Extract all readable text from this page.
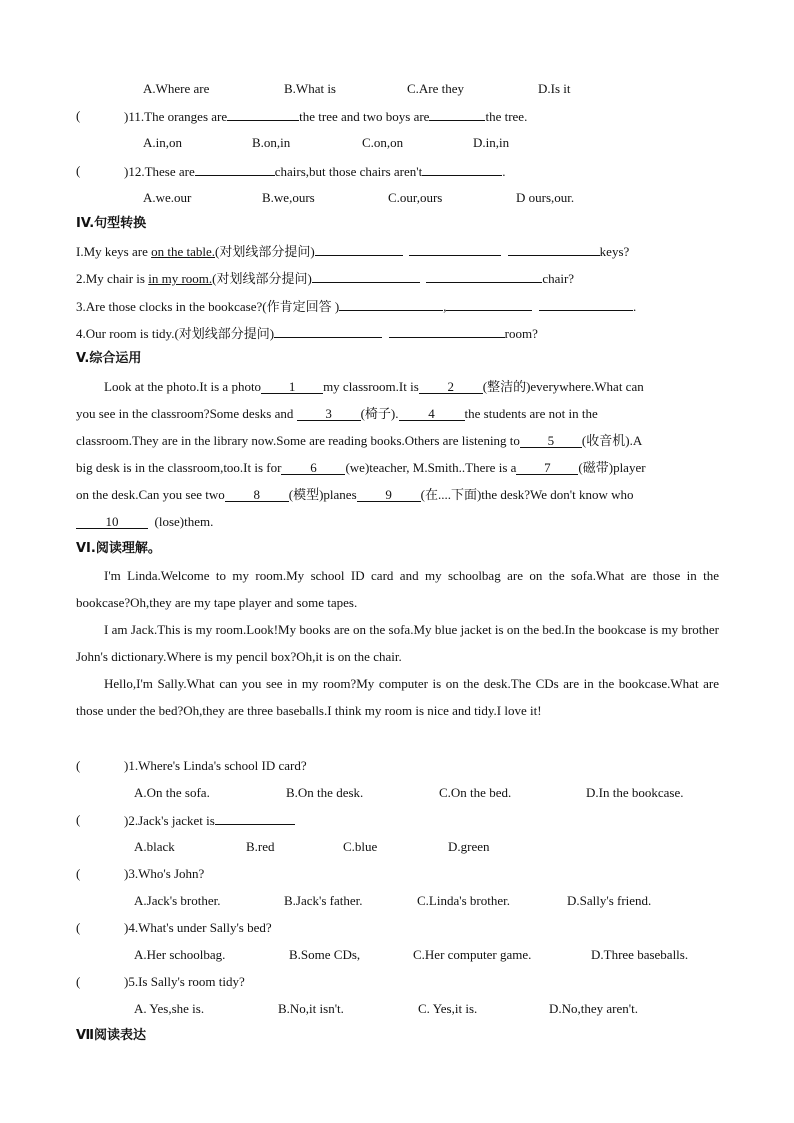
A.Where are	B.What is	C.Are they	D.Is it
(	)11.The oranges are	the tree and two boys are	the tree.
A.in,on	B.on,in	C.on,on	D.in,in
(	)12.These are	chairs,but those chairs aren't	.
A.we.our	B.we,ours	C.our,ours	D ours,our.
IV.句型转换
I.My keys are on the table.(对划线部分提问)	keys?
2.My chair is in my room.(对划线部分提问)	chair?
3.Are those clocks in the bookcase?(作肯定回答 )	,	.
4.Our room is tidy.(对划线部分提问)	room?
V.综合运用
Look at the photo.It is a photo 1 my classroom.It is 2 (整洁的)everywhere.What can
you see in the classroom?Some desks and 3 (椅子). 4 the students are not in the
classroom.They are in the library now.Some are reading books.Others are listening to 5 (收音机).A
big desk is in the classroom,too.It is for 6 (we)teacher, M.Smith..There is a 7 (磁带)player
on the desk.Can you see two 8 (模型)planes 9 (在....下面)the desk?We don't know who
10	(lose)them.
VI.阅读理解。

I'm Linda.Welcome to my room.My school ID card and my schoolbag are on the sofa.What are those in the bookcase?Oh,they are my tape player and some tapes.

I am Jack.This is my room.Look!My books are on the sofa.My blue jacket is on the bed.In the bookcase is my brother John's dictionary.Where is my pencil box?Oh,it is on the chair.

Hello,I'm Sally.What can you see in my room?My computer is on the desk.The CDs are in the bookcase.What are those under the bed?Oh,they are three baseballs.I think my room is nice and tidy.I love it!

(	)1.Where's Linda's school ID card?
A.On the sofa.	B.On the desk.	C.On the bed.	D.In the bookcase.
(	)2.Jack's jacket is
A.black	B.red	C.blue	D.green
(	)3.Who's John?
A.Jack's brother.	B.Jack's father.	C.Linda's brother.	D.Sally's friend.
(	)4.What's under Sally's bed?
A.Her schoolbag.	B.Some CDs,	C.Her computer game.	D.Three baseballs.
(	)5.Is Sally's room tidy?
A. Yes,she is.	B.No,it isn't.	C. Yes,it is.	D.No,they aren't.
Ⅶ阅读表达
